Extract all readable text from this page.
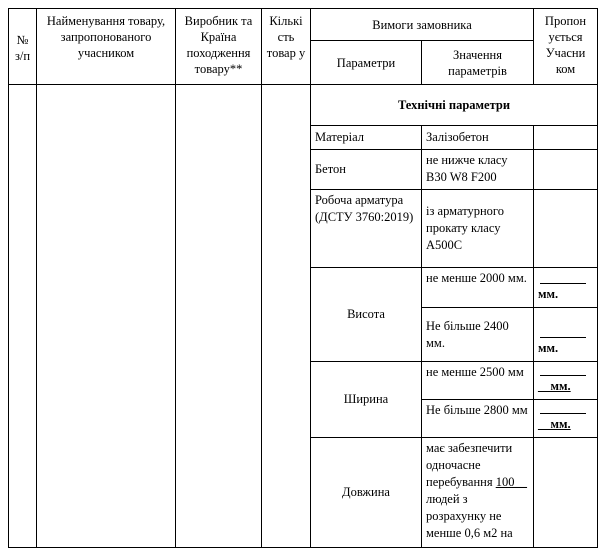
№ з/п	Найменування товару, запропонованого учасником	Виробник та Країна походження товару**	Кількі сть товар у	Вимоги замовника		Пропон ується Учасни ком
				Параметри	Значення параметрів	
				Технічні параметри		
				Матеріал	Залізобетон	
				Бетон	не нижче класу B30 W8 F200	
				Робоча арматура (ДСТУ 3760:2019)	із арматурного прокату класу А500С	
				Висота	не менше 2000 мм.	мм.
					Не більше 2400 мм.	мм.
				Ширина	не менше 2500 мм	__мм.
					Не більше 2800 мм	__мм.
				Довжина	має забезпечити одночасне перебування 100__ людей з розрахунку не менше 0,6 м2 на	
